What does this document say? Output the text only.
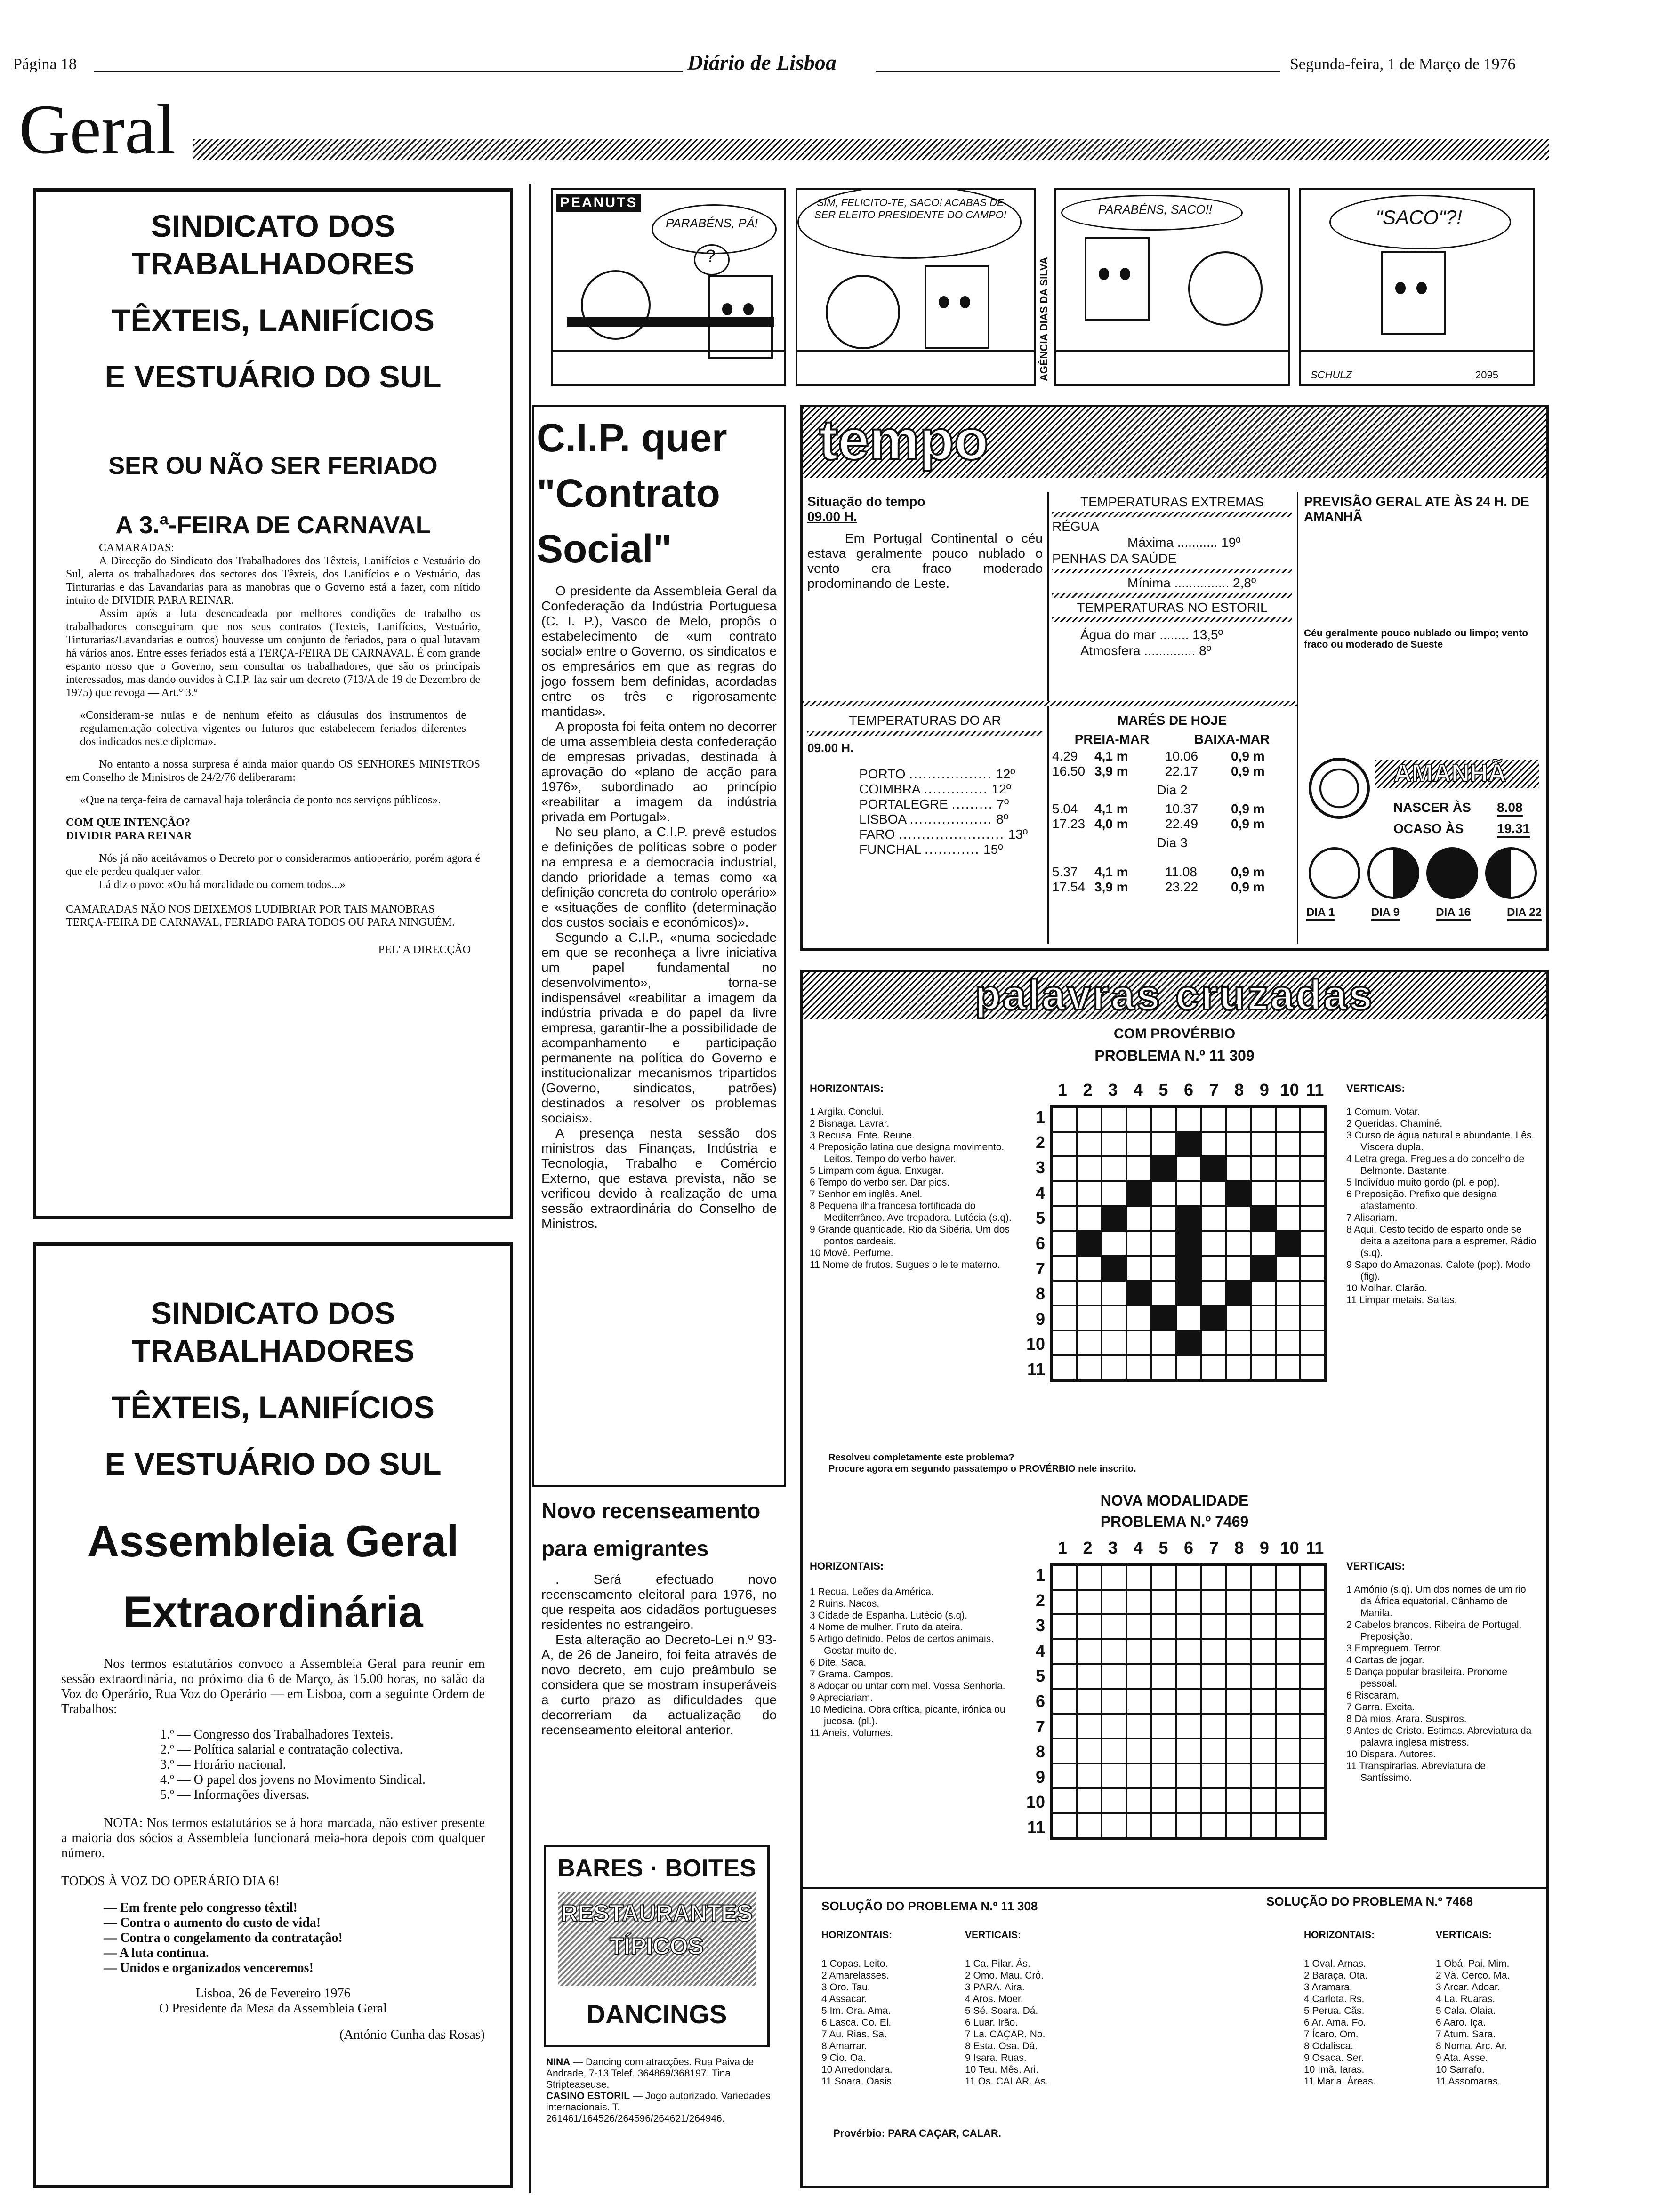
Página 18	Diário de Lisboa	Segunda-feira, 1 de Março de 1976
Geral
SINDICATO DOS TRABALHADORES
TÊXTEIS, LANIFÍCIOS
E VESTUÁRIO DO SUL
SER OU NÃO SER FERIADO
A 3.ª-FEIRA DE CARNAVAL

CAMARADAS:

A Direcção do Sindicato dos Trabalhadores dos Têxteis, Lanifícios e Vestuário do Sul, alerta os trabalhadores dos sectores dos Têxteis, dos Lanifícios e o Vestuário, das Tinturarias e das Lavandarias para as manobras que o Governo está a fazer, com nítido intuito de DIVIDIR PARA REINAR.

Assim após a luta desencadeada por melhores condições de trabalho os trabalhadores conseguiram que nos seus contratos (Texteis, Lanifícios, Vestuário, Tinturarias/Lavandarias e outros) houvesse um conjunto de feriados, para o qual lutavam há vários anos. Entre esses feriados está a TERÇA-FEIRA DE CARNAVAL. É com grande espanto nosso que o Governo, sem consultar os trabalhadores, que são os principais interessados, mas dando ouvidos à C.I.P. faz sair um decreto (713/A de 19 de Dezembro de 1975) que revoga — Art.º 3.º

«Consideram-se nulas e de nenhum efeito as cláusulas dos instrumentos de regulamentação colectiva vigentes ou futuros que estabelecem feriados diferentes dos indicados neste diploma».

No entanto a nossa surpresa é ainda maior quando OS SENHORES MINISTROS em Conselho de Ministros de 24/2/76 deliberaram:

«Que na terça-feira de carnaval haja tolerância de ponto nos serviços públicos».

COM QUE INTENÇÃO?

DIVIDIR PARA REINAR

Nós já não aceitávamos o Decreto por o considerarmos antioperário, porém agora é que ele perdeu qualquer valor.

Lá diz o povo: «Ou há moralidade ou comem todos...»

CAMARADAS NÃO NOS DEIXEMOS LUDIBRIAR POR TAIS MANOBRAS

TERÇA-FEIRA DE CARNAVAL, FERIADO PARA TODOS OU PARA NINGUÉM.

PEL' A DIRECÇÃO

SINDICATO DOS TRABALHADORES
TÊXTEIS, LANIFÍCIOS
E VESTUÁRIO DO SUL
Assembleia Geral
Extraordinária

Nos termos estatutários convoco a Assembleia Geral para reunir em sessão extraordinária, no próximo dia 6 de Março, às 15.00 horas, no salão da Voz do Operário, Rua Voz do Operário — em Lisboa, com a seguinte Ordem de Trabalhos:

1.º — Congresso dos Trabalhadores Texteis.

2.º — Política salarial e contratação colectiva.

3.º — Horário nacional.

4.º — O papel dos jovens no Movimento Sindical.

5.º — Informações diversas.

NOTA: Nos termos estatutários se à hora marcada, não estiver presente a maioria dos sócios a Assembleia funcionará meia-hora depois com qualquer número.

TODOS À VOZ DO OPERÁRIO DIA 6!

— Em frente pelo congresso têxtil!

— Contra o aumento do custo de vida!

— Contra o congelamento da contratação!

— A luta continua.

— Unidos e organizados venceremos!

Lisboa, 26 de Fevereiro 1976

O Presidente da Mesa da Assembleia Geral

(António Cunha das Rosas)

PEANUTS
PARABÉNS, PÁ!
?
SIM, FELICITO-TE, SACO! ACABAS DE SER ELEITO PRESIDENTE DO CAMPO!
AGÊNCIA DIAS DA SILVA
PARABÉNS, SACO!!	"SACO"?!
SCHULZ	2095
C.I.P. quer
"Contrato
Social"

O presidente da Assembleia Geral da Confederação da Indústria Portuguesa (C. I. P.), Vasco de Melo, propôs o estabelecimento de «um contrato social» entre o Governo, os sindicatos e os empresários em que as regras do jogo fossem bem definidas, acordadas entre os três e rigorosamente mantidas».

A proposta foi feita ontem no decorrer de uma assembleia desta confederação de empresas privadas, destinada à aprovação do «plano de acção para 1976», subordinado ao princípio «reabilitar a imagem da indústria privada em Portugal».

No seu plano, a C.I.P. prevê estudos e definições de políticas sobre o poder na empresa e a democracia industrial, dando prioridade a temas como «a definição concreta do controlo operário» e «situações de conflito (determinação dos custos sociais e económicos)».

Segundo a C.I.P., «numa sociedade em que se reconheça a livre iniciativa um papel fundamental no desenvolvimento», torna-se indispensável «reabilitar a imagem da indústria privada e do papel da livre empresa, garantir-lhe a possibilidade de acompanhamento e participação permanente na política do Governo e institucionalizar mecanismos tripartidos (Governo, sindicatos, patrões) destinados a resolver os problemas sociais».

A presença nesta sessão dos ministros das Finanças, Indústria e Tecnologia, Trabalho e Comércio Externo, que estava prevista, não se verificou devido à realização de uma sessão extraordinária do Conselho de Ministros.

Novo recenseamento
para emigrantes

. Será efectuado novo recenseamento eleitoral para 1976, no que respeita aos cidadãos portugueses residentes no estrangeiro.

Esta alteração ao Decreto-Lei n.º 93-A, de 26 de Janeiro, foi feita através de novo decreto, em cujo preâmbulo se considera que se mostram insuperáveis a curto prazo as dificuldades que decorreriam da actualização do recenseamento eleitoral anterior.

BARES · BOITES
RESTAURANTES
TÍPICOS
DANCINGS

NINA — Dancing com atracções. Rua Paiva de Andrade, 7-13 Telef. 364869/368197. Tina, Stripteaseuse.

CASINO ESTORIL — Jogo autorizado. Variedades internacionais. T. 261461/164526/264596/264621/264946.

tempo
Situação do tempo
09.00 H.

Em Portugal Continental o céu estava geralmente pouco nublado o vento era fraco moderado prodominando de Leste.

TEMPERATURAS EXTREMAS
RÉGUA
Máxima ........... 19º
PENHAS DA SAÚDE
Mínima ............... 2,8º
TEMPERATURAS NO ESTORIL
Água do mar ........ 13,5º
Atmosfera .............. 8º
PREVISÃO GERAL ATE ÀS 24 H. DE AMANHÃ

Céu geralmente pouco nublado ou limpo; vento fraco ou moderado de Sueste

TEMPERATURAS DO AR
09.00 H.
PORTO .................. 12º
COIMBRA .............. 12º
PORTALEGRE ......... 7º
LISBOA .................. 8º
FARO ....................... 13º
FUNCHAL ............ 15º
MARÉS DE HOJE
PREIA-MAR	BAIXA-MAR
4.29	4,1 m	10.06	0,9 m
16.50 3,9 m	22.17	0,9 m
Dia 2
5.04	4,1 m	10.37	0,9 m
17.23 4,0 m	22.49	0,9 m
Dia 3
5.37	4,1 m	11.08	0,9 m
17.54 3,9 m	23.22	0,9 m
AMANHÃ
NASCER ÀS 8.08
OCASO ÀS	19.31
DIA 1	DIA 9	DIA 16	DIA 22
palavras cruzadas
COM PROVÉRBIO
PROBLEMA N.º 11 309
HORIZONTAIS:
1 Argila. Conclui.
2 Bisnaga. Lavrar.
3 Recusa. Ente. Reune.
4 Preposição latina que designa movimento. Leitos. Tempo do verbo haver.
5 Limpam com água. Enxugar.
6 Tempo do verbo ser. Dar pios.
7 Senhor em inglês. Anel.
8 Pequena ilha francesa fortificada do Mediterrâneo. Ave trepadora. Lutécia (s.q).
9 Grande quantidade. Rio da Sibéria. Um dos pontos cardeais.
10 Movê. Perfume.
11 Nome de frutos. Sugues o leite materno.
VERTICAIS:
1 Comum. Votar.
2 Queridas. Chaminé.
3 Curso de água natural e abundante. Lês. Víscera dupla.
4 Letra grega. Freguesia do concelho de Belmonte. Bastante.
5 Indivíduo muito gordo (pl. e pop).
6 Preposição. Prefixo que designa afastamento.
7 Alisariam.
8 Aqui. Cesto tecido de esparto onde se deita a azeitona para a espremer. Rádio (s.q).
9 Sapo do Amazonas. Calote (pop). Modo (fig).
10 Molhar. Clarão.
11 Limpar metais. Saltas.
1 2 3 4 5 6 7 8 9 10 11
1
2
3
4
5
6
7
8
9
10
11
Resolveu completamente este problema?
Procure agora em segundo passatempo o PROVÉRBIO nele inscrito.
NOVA MODALIDADE
PROBLEMA N.º 7469
HORIZONTAIS:
1 Recua. Leões da América.
2 Ruins. Nacos.
3 Cidade de Espanha. Lutécio (s.q).
4 Nome de mulher. Fruto da ateira.
5 Artigo definido. Pelos de certos animais. Gostar muito de.
6 Dite. Saca.
7 Grama. Campos.
8 Adoçar ou untar com mel. Vossa Senhoria.
9 Apreciariam.
10 Medicina. Obra crítica, picante, irónica ou jucosa. (pl.).
11 Aneis. Volumes.
VERTICAIS:
1 Amónio (s.q). Um dos nomes de um rio da África equatorial. Cânhamo de Manila.
2 Cabelos brancos. Ribeira de Portugal. Preposição.
3 Empreguem. Terror.
4 Cartas de jogar.
5 Dança popular brasileira. Pronome pessoal.
6 Riscaram.
7 Garra. Excita.
8 Dá mios. Arara. Suspiros.
9 Antes de Cristo. Estimas. Abreviatura da palavra inglesa mistress.
10 Dispara. Autores.
11 Transpirarias. Abreviatura de Santíssimo.
1 2 3 4 5 6 7 8 9 10 11
1
2
3
4
5
6
7
8
9
10
11
SOLUÇÃO DO PROBLEMA N.º 11 308	SOLUÇÃO DO PROBLEMA N.º 7468
HORIZONTAIS:	VERTICAIS:
1 Copas. Leito.
2 Amarelasses.
3 Oro. Tau.
4 Assacar.
5 Im. Ora. Ama.
6 Lasca. Co. El.
7 Au. Rias. Sa.
8 Amarrar.
9 Cio. Oa.
10 Arredondara.
11 Soara. Oasis.
1 Ca. Pilar. Ás.
2 Omo. Mau. Cró.
3 PARA. Aira.
4 Aros. Moer.
5 Sé. Soara. Dá.
6 Luar. Irão.
7 La. CAÇAR. No.
8 Esta. Osa. Dá.
9 Isara. Ruas.
10 Teu. Mês. Ari.
11 Os. CALAR. As.
Provérbio: PARA CAÇAR, CALAR.
HORIZONTAIS:	VERTICAIS:
1 Oval. Arnas.
2 Baraça. Ota.
3 Aramara.
4 Carlota. Rs.
5 Perua. Cãs.
6 Ar. Ama. Fo.
7 Ícaro. Om.
8 Odalisca.
9 Osaca. Ser.
10 Imã. Iaras.
11 Maria. Áreas.
1 Obá. Pai. Mim.
2 Vã. Cerco. Ma.
3 Arcar. Adoar.
4 La. Ruaras.
5 Cala. Olaia.
6 Aaro. Iça.
7 Atum. Sara.
8 Noma. Arc. Ar.
9 Ata. Asse.
10 Sarrafo.
11 Assomaras.
